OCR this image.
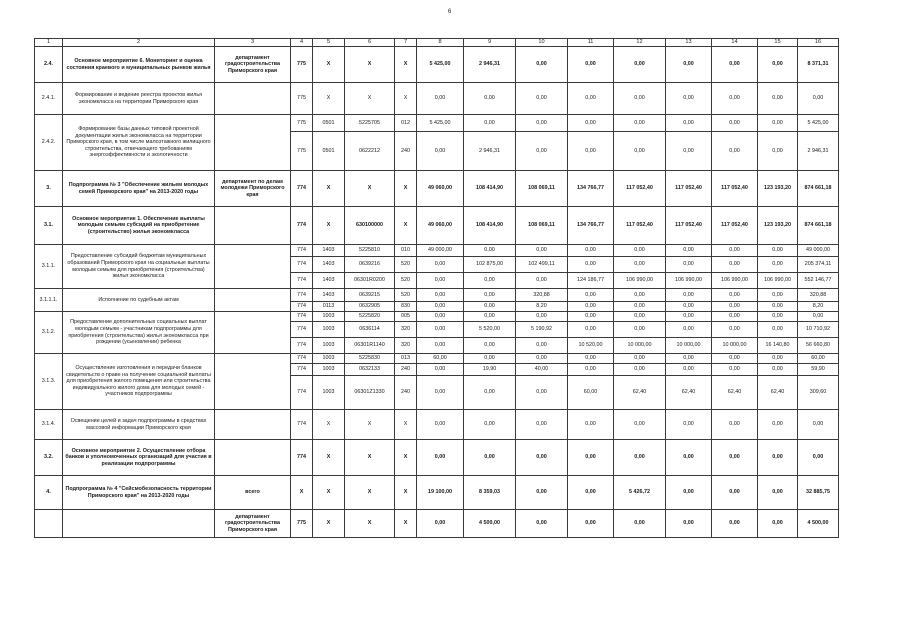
6
1	2	3	4	5	6	7	8	9	10	11	12	13	14	15	16
2.4.	Основное мероприятие 6. Мониторинг и оценка состояния краевого и муниципальных рынков жилья	департамент градостроительства Приморского края	775	Х	Х	Х	5 425,00	2 946,31	0,00	0,00	0,00	0,00	0,00	0,00	8 371,31
2.4.1.	Формирование и ведение реестра проектов жилья экономкласса на территории Приморского края		775	Х	Х	Х	0,00	0,00	0,00	0,00	0,00	0,00	0,00	0,00	0,00
2.4.2.	Формирование базы данных типовой проектной документации жилья экономкласса на территории Приморского края, в том числе малоэтажного жилищного строительства, отвечающего требованиям энергоэффективности и экологичности		775	0501	5225705	012	5 425,00	0,00	0,00	0,00	0,00	0,00	0,00	0,00	5 425,00
			775	0501	0622212	240	0,00	2 946,31	0,00	0,00	0,00	0,00	0,00	0,00	2 946,31
3.	Подпрограмма № 3 "Обеспечение жильем молодых семей Приморского края" на 2013-2020 годы	департамент по делам молодежи Приморского края	774	Х	Х	Х	49 060,00	108 414,90	108 069,11	134 766,77	117 052,40	117 052,40	117 052,40	123 193,20	874 661,18
3.1.	Основное мероприятие 1. Обеспечение выплаты молодым семьям субсидий на приобретение (строительство) жилья экономкласса		774	Х	630100000	Х	49 060,00	108 414,90	108 069,11	134 766,77	117 052,40	117 052,40	117 052,40	123 193,20	874 661,18
3.1.1.	Предоставление субсидий бюджетам муниципальных образований Приморского края на социальные выплаты молодым семьям для приобретения (строительства) жилья экономкласса		774	1403	5225810	010	49 000,00	0,00	0,00	0,00	0,00	0,00	0,00	0,00	49 000,00
			774	1403	0639216	520	0,00	102 875,00	102 499,11	0,00	0,00	0,00	0,00	0,00	205 374,11
			774	1403	06301R0200	520	0,00	0,00	0,00	124 186,77	106 990,00	106 990,00	106 990,00	106 990,00	552 146,77
3.1.1.1.	Исполнение по судебным актам		774	1403	0639215	520	0,00	0,00	320,88	0,00	0,00	0,00	0,00	0,00	320,88
			774	0113	0632905	830	0,00	0,00	8,20	0,00	0,00	0,00	0,00	0,00	8,20
3.1.2.	Предоставление дополнительных социальных выплат молодым семьям - участникам подпрограммы для приобретения (строительства) жилья экономкласса при рождении (усыновлении) ребенка		774	1003	5225820	005	0,00	0,00	0,00	0,00	0,00	0,00	0,00	0,00	0,00
			774	1003	0636114	320	0,00	5 520,00	5 190,92	0,00	0,00	0,00	0,00	0,00	10 710,92
			774	1003	06301R1140	320	0,00	0,00	0,00	10 520,00	10 000,00	10 000,00	10 000,00	16 140,80	56 660,80
3.1.3.	Осуществление изготовления и передачи бланков свидетельств о праве на получение социальной выплаты для приобретения жилого помещения или строительства индивидуального жилого дома для молодых семей - участников подпрограммы		774	1003	5225830	013	60,00	0,00	0,00	0,00	0,00	0,00	0,00	0,00	60,00
			774	1003	0632133	240	0,00	19,90	40,00	0,00	0,00	0,00	0,00	0,00	59,90
			774	1003	06301Z1330	240	0,00	0,00	0,00	60,00	62,40	62,40	62,40	62,40	309,60
3.1.4.	Освещение целей и задач подпрограммы в средствах массовой информации Приморского края		774	Х	Х	Х	0,00	0,00	0,00	0,00	0,00	0,00	0,00	0,00	0,00
3.2.	Основное мероприятие 2. Осуществление отбора банков и уполномоченных организаций для участия в реализации подпрограммы		774	Х	Х	Х	0,00	0,00	0,00	0,00	0,00	0,00	0,00	0,00	0,00
4.	Подпрограмма № 4 "Сейсмобезопасность территории Приморского края" на 2013-2020 годы	всего	Х	Х	Х	Х	19 100,00	8 359,03	0,00	0,00	5 426,72	0,00	0,00	0,00	32 885,75
		департамент градостроительства Приморского края	775	Х	Х	Х	0,00	4 500,00	0,00	0,00	0,00	0,00	0,00	0,00	4 500,00
